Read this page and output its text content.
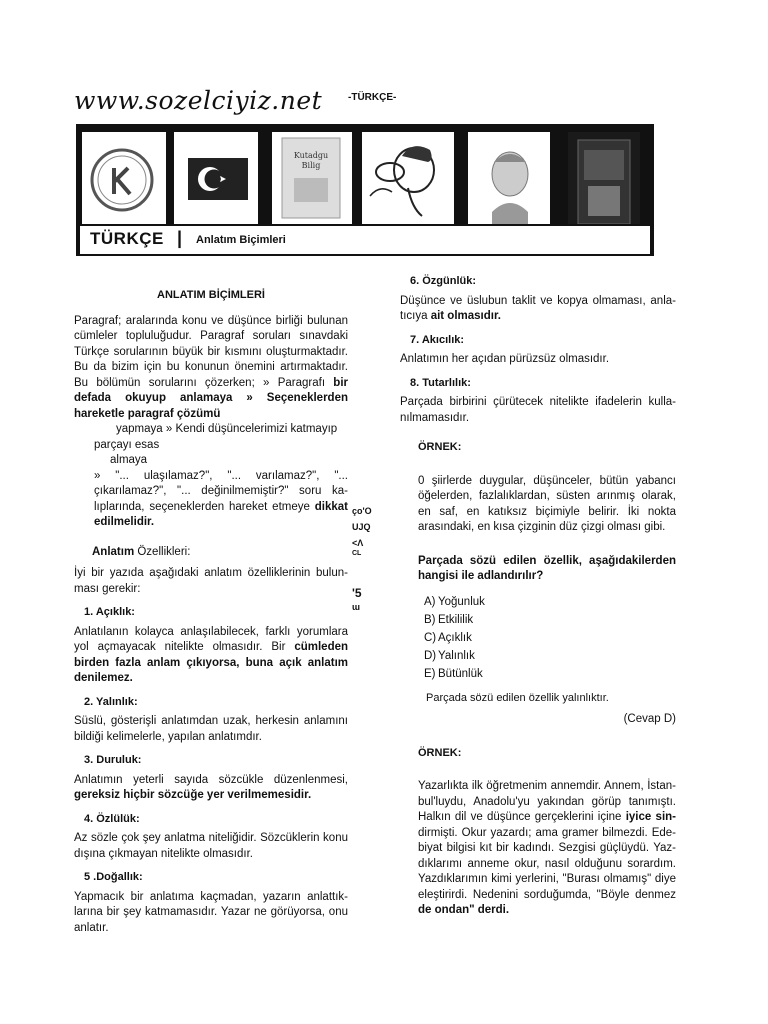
www.sozelciyiz.net	-TÜRKÇE-
Kutadgu
Bilig
TÜRKÇE | Anlatım Biçimleri

ANLATIM BİÇİMLERİ

Paragraf; aralarında konu ve düşünce birliği bulunan cümleler topluluğudur. Paragraf soruları sınavdaki Türkçe sorularının büyük bir kısmını oluşturmaktadır. Bu da bizim için bu konunun önemini artırmaktadır. Bu bölümün sorularını çözerken; » Paragrafı bir defada okuyup anlamaya » Seçeneklerden hareketle paragraf çözümü

yapmaya » Kendi düşüncelerimizi katmayıp

parçayı esas

almaya

» "... ulaşılamaz?", "... varılamaz?", "... çıkarılamaz?", "... değinilmemiştir?" soru kalıplarında, seçeneklerden hareket etmeye dikkat edilmelidir.

Anlatım Özellikleri:

İyi bir yazıda aşağıdaki anlatım özelliklerinin bulunması gerekir:

1. Açıklık:

Anlatılanın kolayca anlaşılabilecek, farklı yorumlara yol açmayacak nitelikte olmasıdır. Bir cümleden birden fazla anlam çıkıyorsa, buna açık anlatım denilemez.

2. Yalınlık:

Süslü, gösterişli anlatımdan uzak, herkesin anlamını bildiği kelimelerle, yapılan anlatımdır.

3. Duruluk:

Anlatımın yeterli sayıda sözcükle düzenlenmesi, gereksiz hiçbir sözcüğe yer verilmemesidir.

4. Özlülük:

Az sözle çok şey anlatma niteliğidir. Sözcüklerin konu dışına çıkmayan nitelikte olmasıdır.

5 .Doğallık:

Yapmacık bir anlatıma kaçmadan, yazarın anlattıklarına bir şey katmamasıdır. Yazar ne görüyorsa, onu anlatır.

ço'O
UJQ
<Λ
CL
'5
ɯ

6. Özgünlük:

Düşünce ve üslubun taklit ve kopya olmaması, anlatıcıya ait olmasıdır.

7. Akıcılık:

Anlatımın her açıdan pürüzsüz olmasıdır.

8. Tutarlılık:

Parçada birbirini çürütecek nitelikte ifadelerin kullanılmamasıdır.

ÖRNEK:

0 şiirlerde duygular, düşünceler, bütün yabancı öğelerden, fazlalıklardan, süsten arınmış olarak, en saf, en katıksız biçimiyle belirir. İki nokta arasındaki, en kısa çizginin düz çizgi olması gibi.

Parçada sözü edilen özellik, aşağıdakilerden hangisi ile adlandırılır?

A) Yoğunluk

B) Etkililik

C) Açıklık

D) Yalınlık

E) Bütünlük

Parçada sözü edilen özellik yalınlıktır.

(Cevap D)

ÖRNEK:

Yazarlıkta ilk öğretmenim annemdir. Annem, İstanbul'luydu, Anadolu'yu yakından görüp tanımıştı. Halkın dil ve düşünce gerçeklerini içine iyice sindirmişti. Okur yazardı; ama gramer bilmezdi. Edebiyat bilgisi kıt bir kadındı. Sezgisi güçlüydü. Yazdıklarımı anneme okur, nasıl olduğunu sorardım. Yazdıklarımın kimi yerlerini, "Burası olmamış" diye eleştirirdi. Nedenini sorduğumda, "Böyle denmez de ondan" derdi.
